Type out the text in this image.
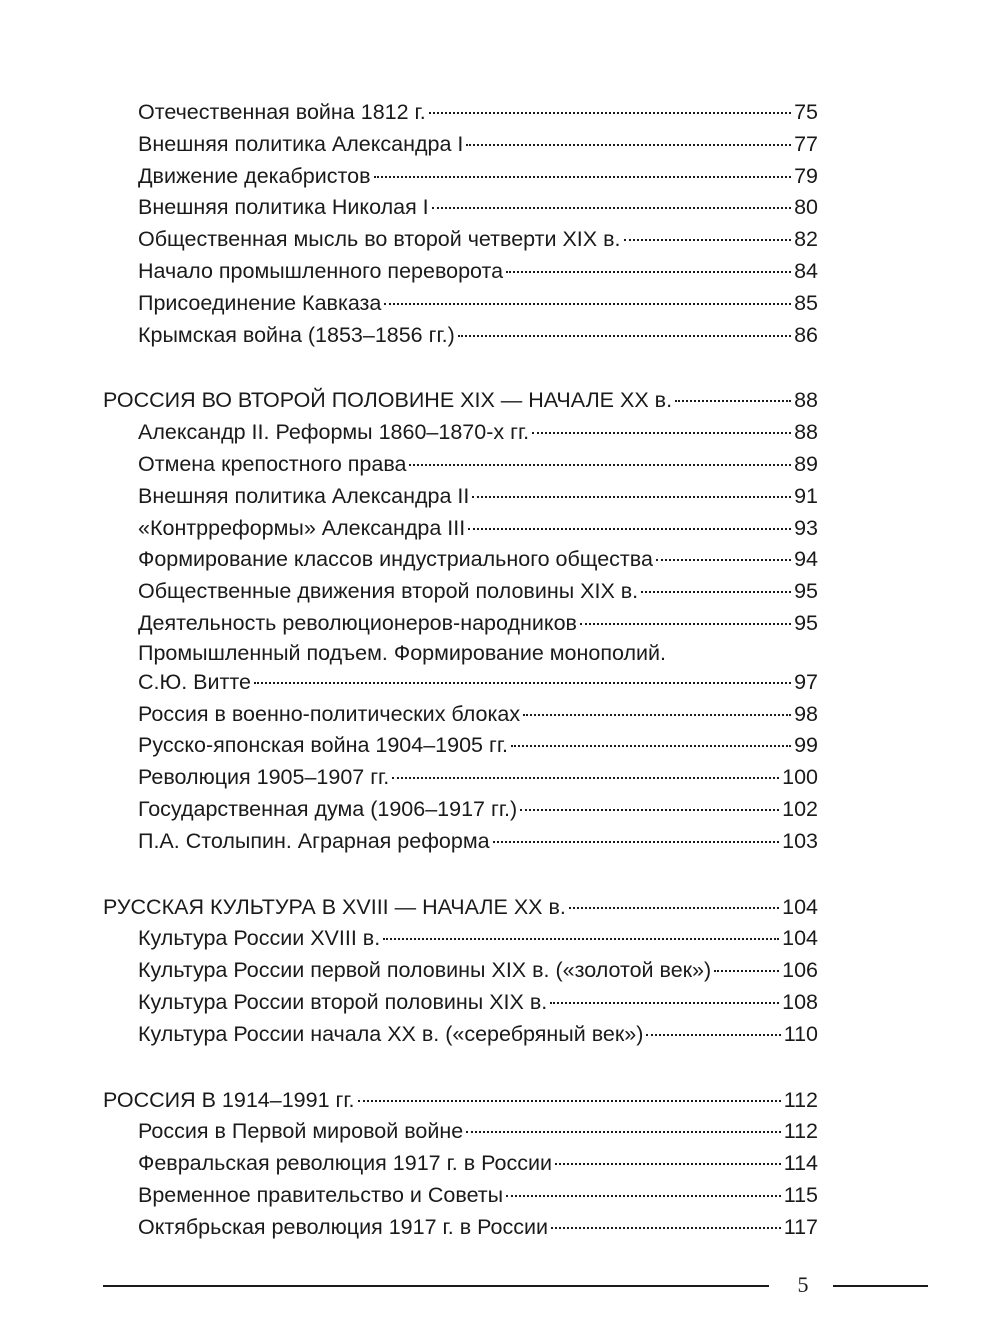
Отечественная война 1812 г.	75
Внешняя политика Александра I	77
Движение декабристов	79
Внешняя политика Николая I	80
Общественная мысль во второй четверти XIX в.	82
Начало промышленного переворота	84
Присоединение Кавказа	85
Крымская война (1853–1856 гг.)	86
РОССИЯ ВО ВТОРОЙ ПОЛОВИНЕ XIX — НАЧАЛЕ XX в.	88
Александр II. Реформы 1860–1870-х гг.	88
Отмена крепостного права	89
Внешняя политика Александра II	91
«Контрреформы» Александра III	93
Формирование классов индустриального общества	94
Общественные движения второй половины XIX в.	95
Деятельность революционеров-народников	95
Промышленный подъем. Формирование монополий.
С.Ю. Витте	97
Россия в военно-политических блоках	98
Русско-японская война 1904–1905 гг.	99
Революция 1905–1907 гг.	100
Государственная дума (1906–1917 гг.)	102
П.А. Столыпин. Аграрная реформа	103
РУССКАЯ КУЛЬТУРА В XVIII — НАЧАЛЕ XX в.	104
Культура России XVIII в.	104
Культура России первой половины XIX в. («золотой век»)	106
Культура России второй половины XIX в.	108
Культура России начала XX в. («серебряный век»)	110
РОССИЯ В 1914–1991 гг.	112
Россия в Первой мировой войне	112
Февральская революция 1917 г. в России	114
Временное правительство и Советы	115
Октябрьская революция 1917 г. в России	117
5
